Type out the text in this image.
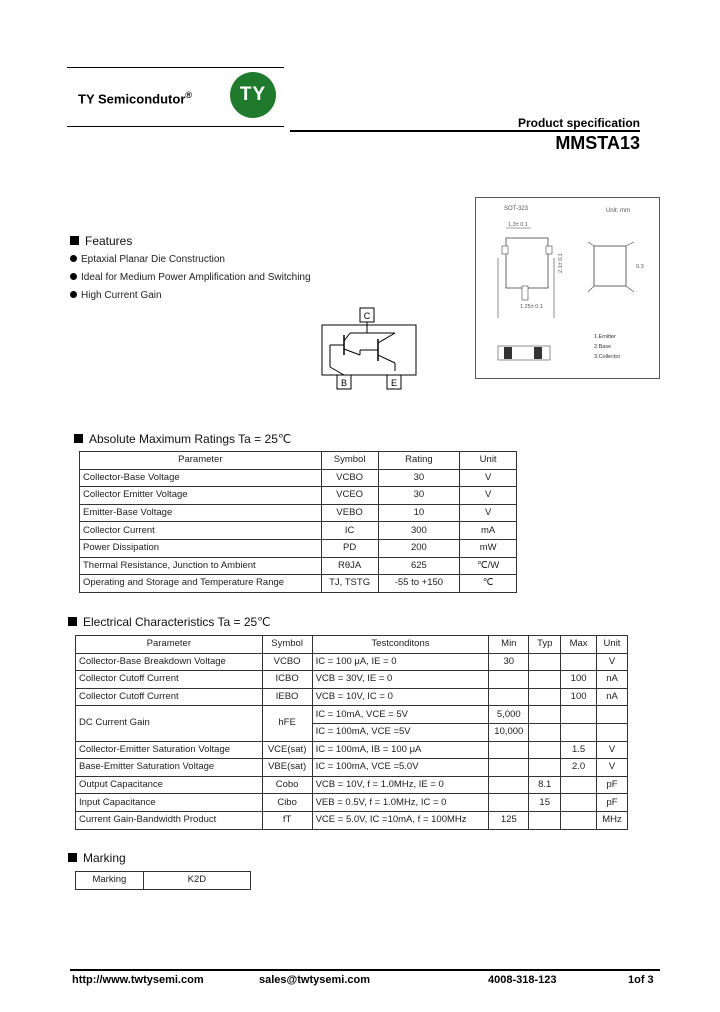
TY Semicondutor®	TY
Product specification
MMSTA13
Features
Eptaxial Planar Die Construction
Ideal for Medium Power Amplification and Switching
High Current Gain
C
B	E
SOT-323	Unit: mm
1.3± 0.1
2.1± 0.1
1.25± 0.1
0.3
1.Emitter
2.Base
3.Collector
Absolute Maximum Ratings Ta = 25℃
Parameter	Symbol	Rating	Unit
Collector-Base Voltage	VCBO	30	V
Collector Emitter Voltage	VCEO	30	V
Emitter-Base Voltage	VEBO	10	V
Collector Current	IC	300	mA
Power Dissipation	PD	200	mW
Thermal Resistance, Junction to Ambient	RθJA	625	℃/W
Operating and Storage and Temperature Range	TJ, TSTG	-55 to +150	℃
Electrical Characteristics Ta = 25℃
Parameter	Symbol	Testconditons	Min	Typ	Max	Unit
Collector-Base Breakdown Voltage	VCBO	IC = 100 μA, IE = 0	30			V
Collector Cutoff Current	ICBO	VCB = 30V, IE = 0			100	nA
Collector Cutoff Current	IEBO	VCB = 10V, IC = 0			100	nA
DC Current Gain	hFE	IC = 10mA, VCE = 5V	5,000			
		IC = 100mA, VCE =5V	10,000			
Collector-Emitter Saturation Voltage	VCE(sat)	IC = 100mA, IB = 100 μA			1.5	V
Base-Emitter Saturation Voltage	VBE(sat)	IC = 100mA, VCE =5.0V			2.0	V
Output Capacitance	Cobo	VCB = 10V, f = 1.0MHz, IE = 0		8.1		pF
Input Capacitance	Cibo	VEB = 0.5V, f = 1.0MHz, IC = 0		15		pF
Current Gain-Bandwidth Product	fT	VCE = 5.0V, IC =10mA, f = 100MHz	125			MHz
Marking
Marking	K2D
http://www.twtysemi.com	sales@twtysemi.com	4008-318-123	1of 3
